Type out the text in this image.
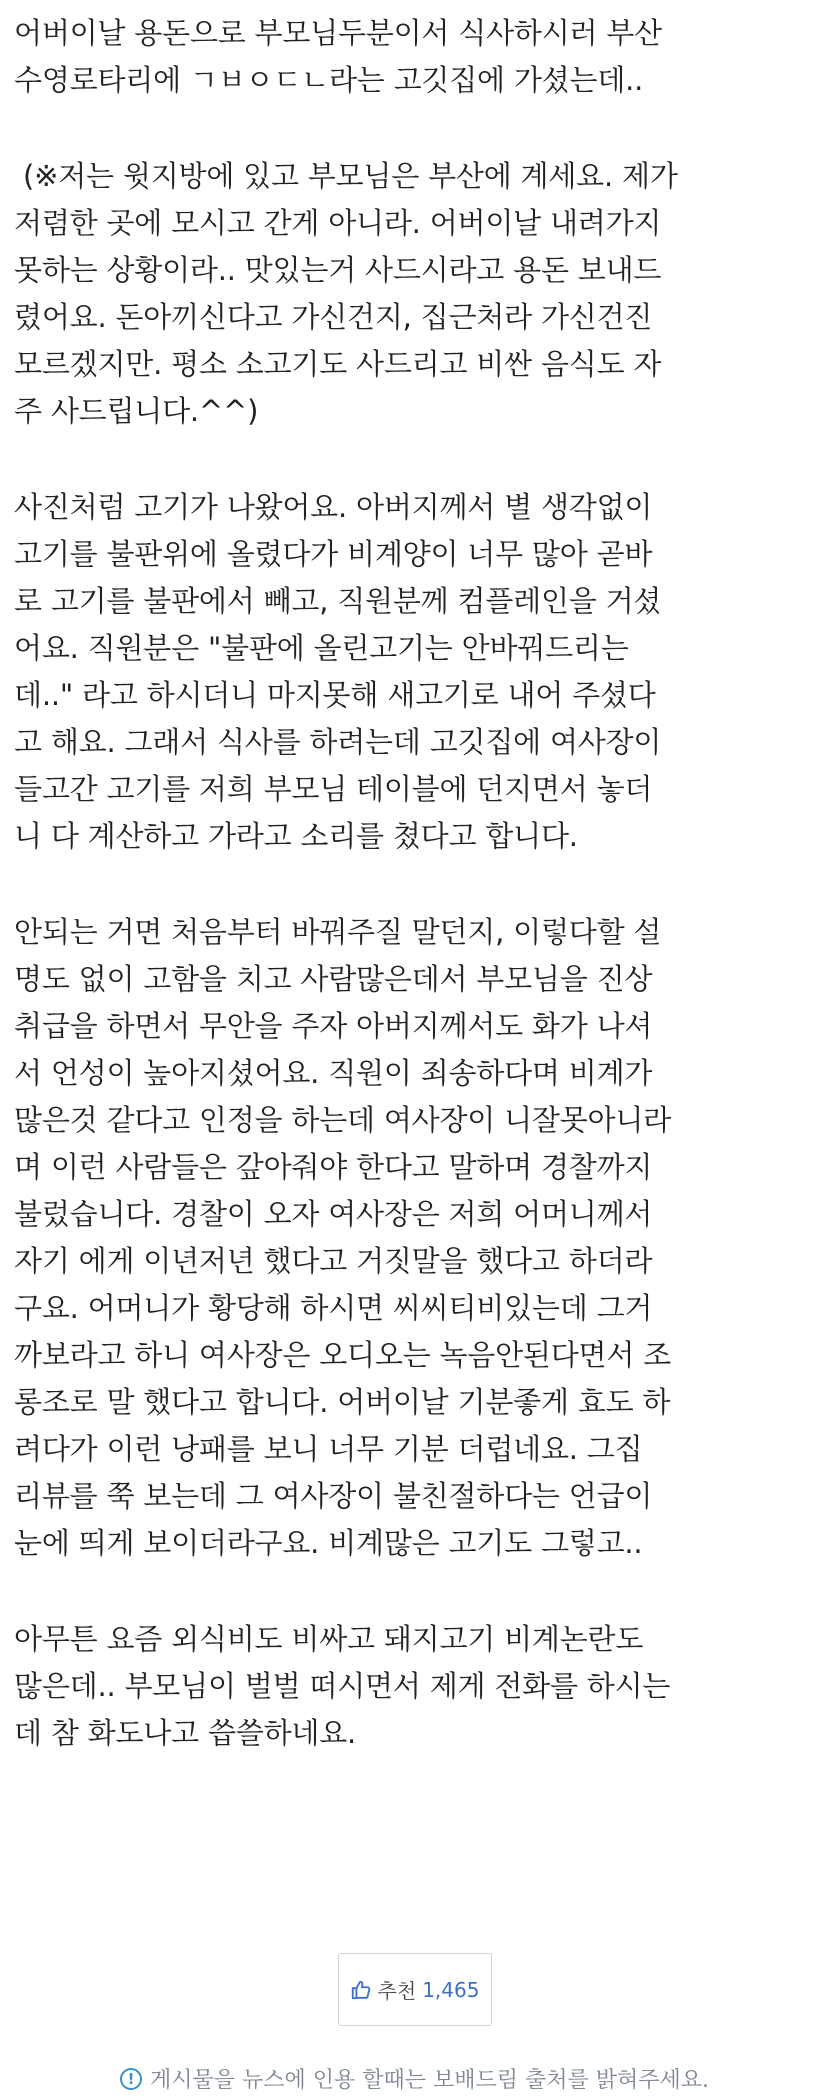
어버이날 용돈으로 부모님두분이서 식사하시러 부산
수영로타리에 ㄱㅂㅇㄷㄴ라는 고깃집에 가셨는데..
(※저는 윗지방에 있고 부모님은 부산에 계세요. 제가
저렴한 곳에 모시고 간게 아니라. 어버이날 내려가지
못하는 상황이라.. 맛있는거 사드시라고 용돈 보내드
렸어요. 돈아끼신다고 가신건지, 집근처라 가신건진
모르겠지만. 평소 소고기도 사드리고 비싼 음식도 자
주 사드립니다.^^)
사진처럼 고기가 나왔어요. 아버지께서 별 생각없이
고기를 불판위에 올렸다가 비계양이 너무 많아 곧바
로 고기를 불판에서 빼고, 직원분께 컴플레인을 거셨
어요. 직원분은 "불판에 올린고기는 안바꿔드리는
데.." 라고 하시더니 마지못해 새고기로 내어 주셨다
고 해요. 그래서 식사를 하려는데 고깃집에 여사장이
들고간 고기를 저희 부모님 테이블에 던지면서 놓더
니 다 계산하고 가라고 소리를 쳤다고 합니다.
안되는 거면 처음부터 바꿔주질 말던지, 이렇다할 설
명도 없이 고함을 치고 사람많은데서 부모님을 진상
취급을 하면서 무안을 주자 아버지께서도 화가 나셔
서 언성이 높아지셨어요. 직원이 죄송하다며 비계가
많은것 같다고 인정을 하는데 여사장이 니잘못아니라
며 이런 사람들은 갚아줘야 한다고 말하며 경찰까지
불렀습니다. 경찰이 오자 여사장은 저희 어머니께서
자기 에게 이년저년 했다고 거짓말을 했다고 하더라
구요. 어머니가 황당해 하시면 씨씨티비있는데 그거
까보라고 하니 여사장은 오디오는 녹음안된다면서 조
롱조로 말 했다고 합니다. 어버이날 기분좋게 효도 하
려다가 이런 낭패를 보니 너무 기분 더럽네요. 그집
리뷰를 쭉 보는데 그 여사장이 불친절하다는 언급이
눈에 띄게 보이더라구요. 비계많은 고기도 그렇고..
아무튼 요즘 외식비도 비싸고 돼지고기 비계논란도
많은데.. 부모님이 벌벌 떠시면서 제게 전화를 하시는
데 참 화도나고 씁쓸하네요.
추천 1,465
! 게시물을 뉴스에 인용 할때는 보배드림 출처를 밝혀주세요.
